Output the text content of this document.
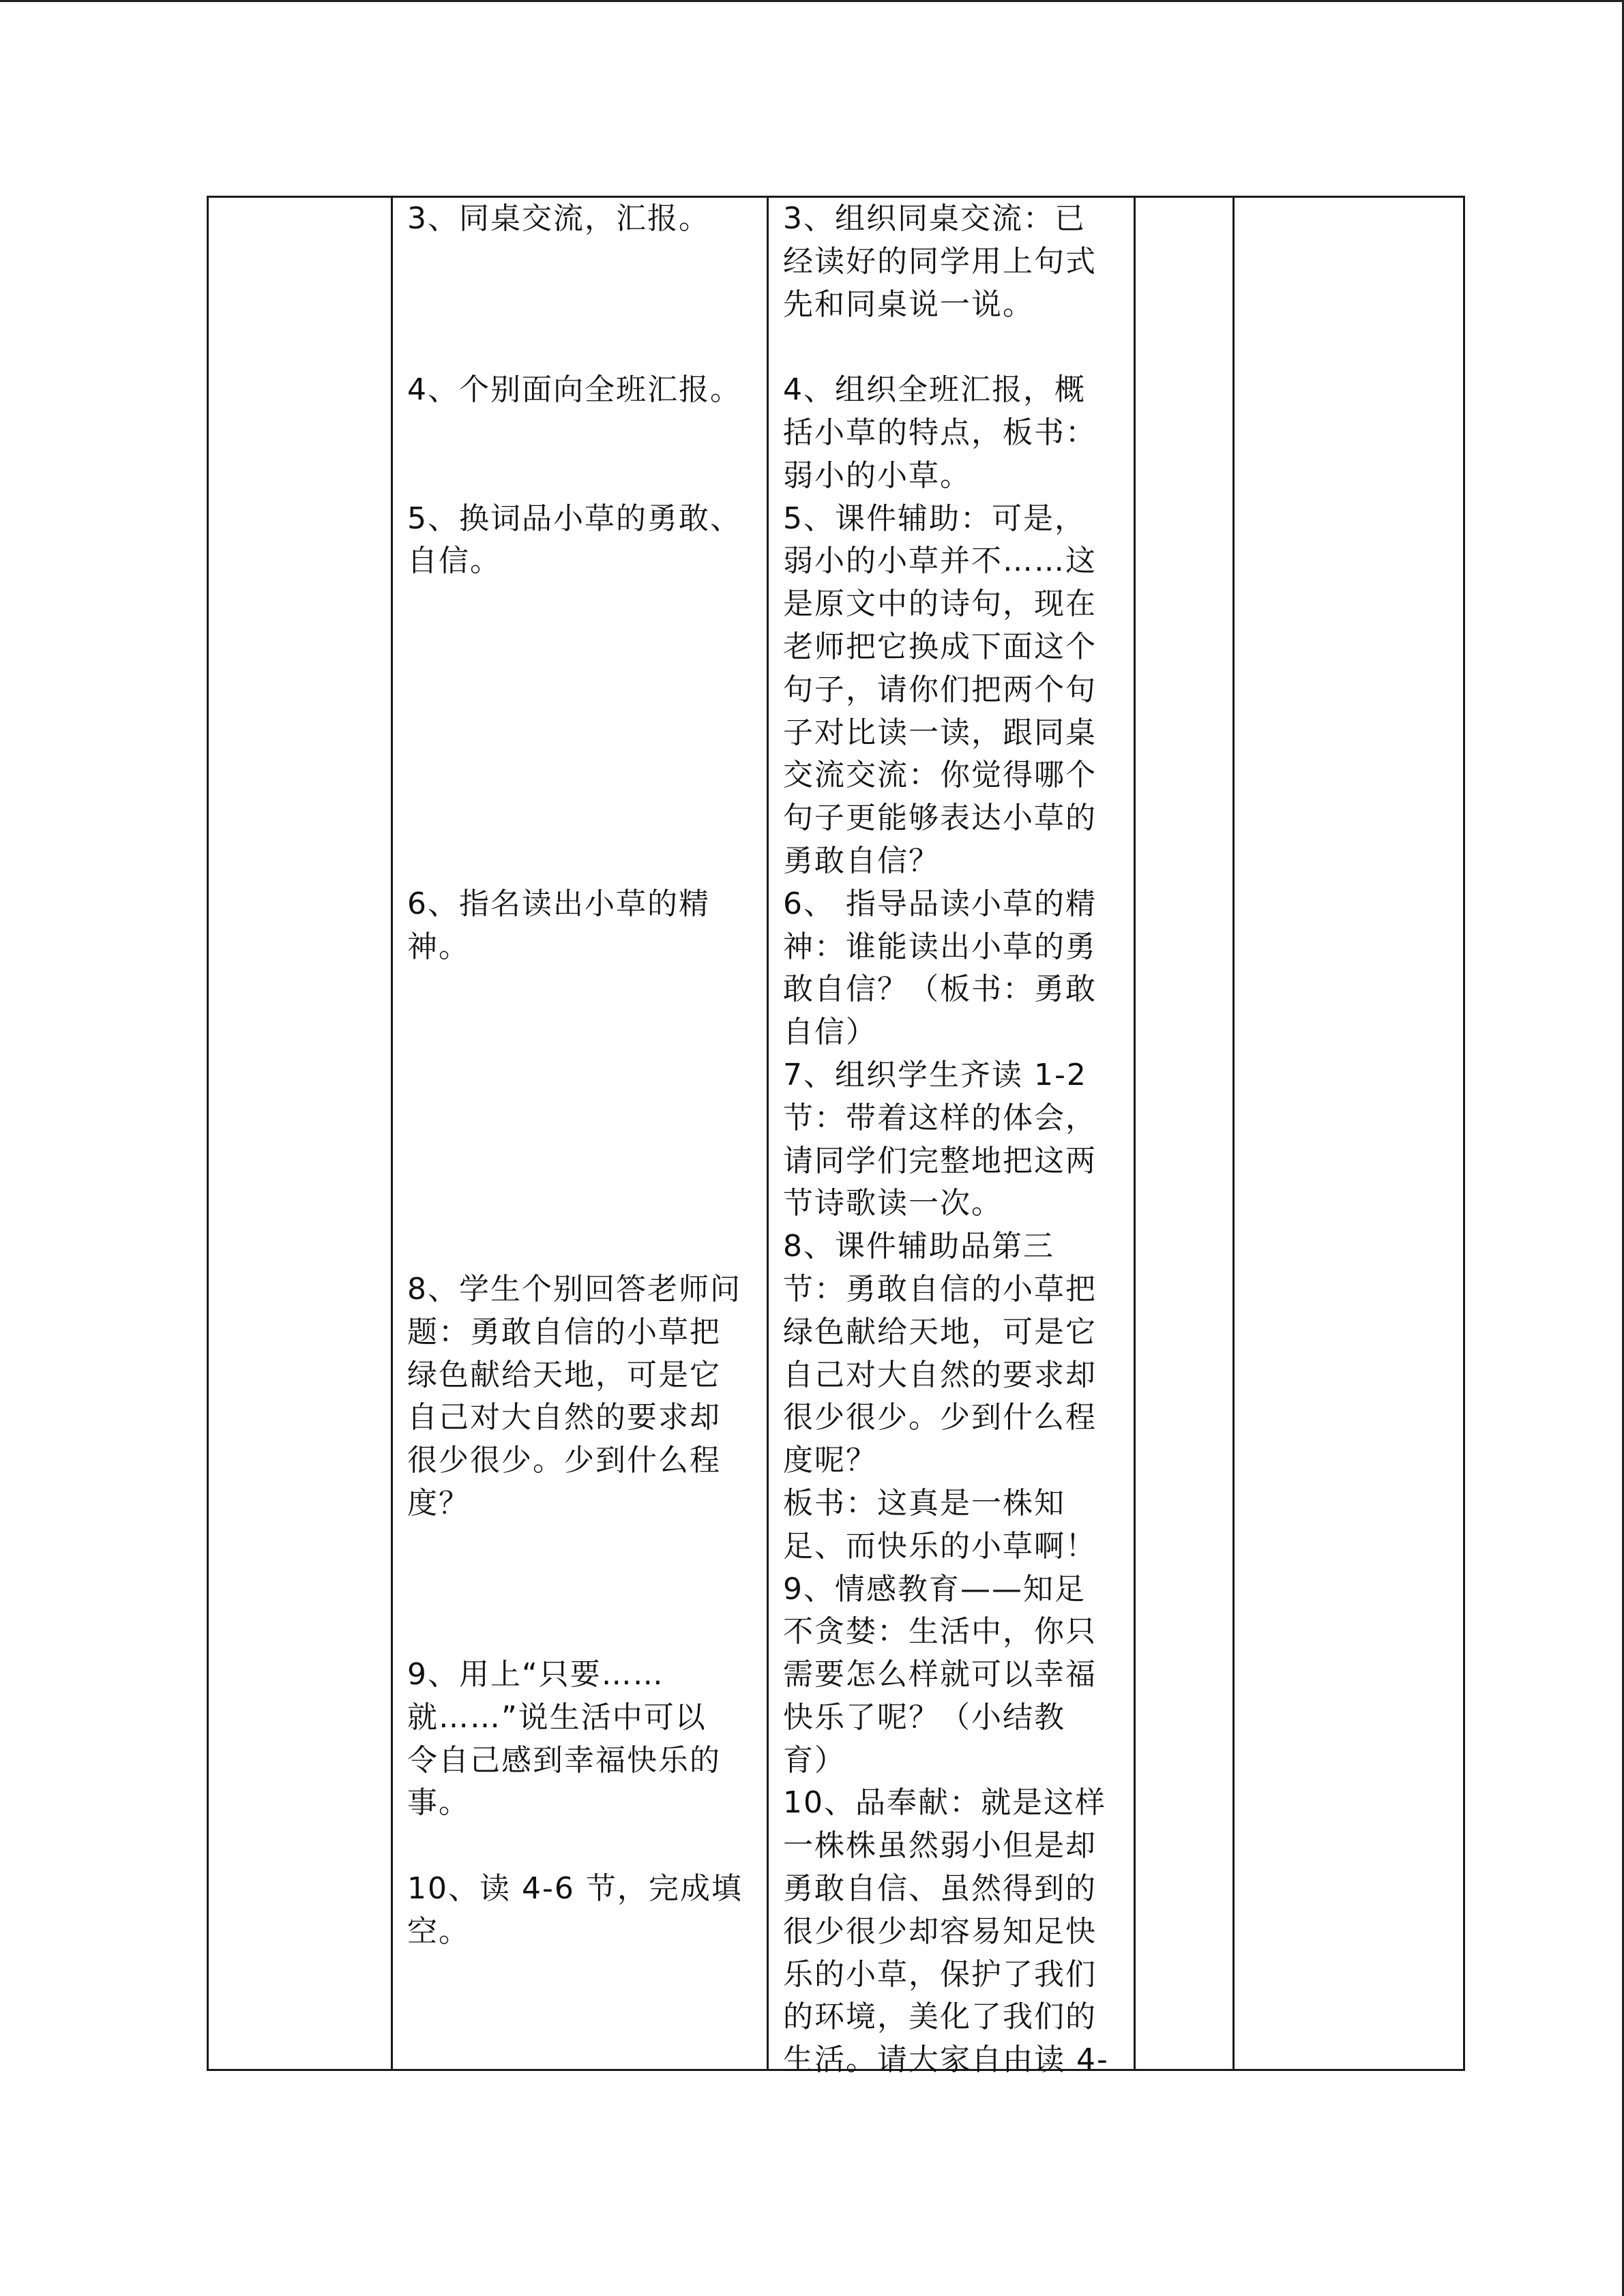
3、同桌交流，汇报。

4、个别面向全班汇报。

5、换词品小草的勇敢、

自信。

6、指名读出小草的精

神。

8、学生个别回答老师问

题：勇敢自信的小草把

绿色献给天地，可是它

自己对大自然的要求却

很少很少。少到什么程

度？

9、用上“只要……

就……”说生活中可以

令自己感到幸福快乐的

事。

10、读 4-6 节，完成填

空。

3、组织同桌交流：已

经读好的同学用上句式

先和同桌说一说。

4、组织全班汇报，概

括小草的特点，板书：

弱小的小草。

5、课件辅助：可是，

弱小的小草并不……这

是原文中的诗句，现在

老师把它换成下面这个

句子，请你们把两个句

子对比读一读，跟同桌

交流交流：你觉得哪个

句子更能够表达小草的

勇敢自信？

6、 指导品读小草的精

神：谁能读出小草的勇

敢自信？（板书：勇敢

自信）

7、组织学生齐读 1-2

节：带着这样的体会，

请同学们完整地把这两

节诗歌读一次。

8、课件辅助品第三

节：勇敢自信的小草把

绿色献给天地，可是它

自己对大自然的要求却

很少很少。少到什么程

度呢？

板书：这真是一株知

足、而快乐的小草啊！

9、情感教育——知足

不贪婪：生活中，你只

需要怎么样就可以幸福

快乐了呢？（小结教

育）

10、品奉献：就是这样

一株株虽然弱小但是却

勇敢自信、虽然得到的

很少很少却容易知足快

乐的小草，保护了我们

的环境，美化了我们的

生活。请大家自由读 4-
